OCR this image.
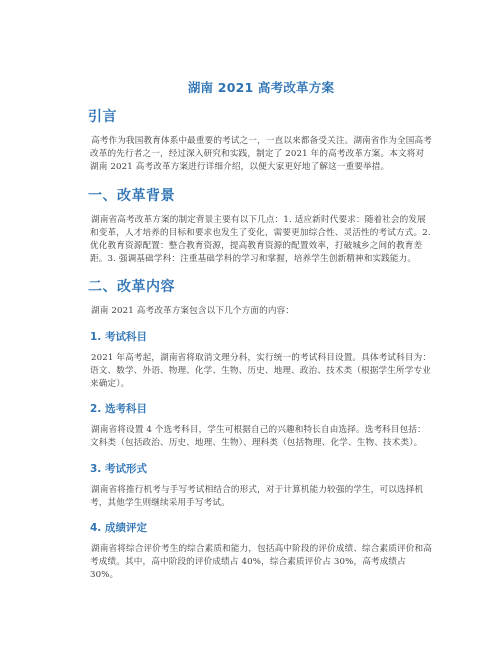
湖南 2021 高考改革方案
引言
高考作为我国教育体系中最重要的考试之一，一直以来都备受关注。湖南省作为全国高考改革的先行者之一，经过深入研究和实践，制定了 2021 年的高考改革方案。本文将对湖南 2021 高考改革方案进行详细介绍，以便大家更好地了解这一重要举措。
一、改革背景
湖南省高考改革方案的制定背景主要有以下几点：1. 适应新时代要求：随着社会的发展和变革，人才培养的目标和要求也发生了变化，需要更加综合性、灵活性的考试方式。2. 优化教育资源配置：整合教育资源，提高教育资源的配置效率，打破城乡之间的教育差距。3. 强调基础学科：注重基础学科的学习和掌握，培养学生创新精神和实践能力。
二、改革内容
湖南 2021 高考改革方案包含以下几个方面的内容：
1. 考试科目
2021 年高考起，湖南省将取消文理分科，实行统一的考试科目设置。具体考试科目为：语文、数学、外语、物理、化学、生物、历史、地理、政治、技术类（根据学生所学专业来确定）。
2. 选考科目
湖南省将设置 4 个选考科目，学生可根据自己的兴趣和特长自由选择。选考科目包括：文科类（包括政治、历史、地理、生物）、理科类（包括物理、化学、生物、技术类）。
3. 考试形式
湖南省将推行机考与手写考试相结合的形式，对于计算机能力较强的学生，可以选择机考，其他学生则继续采用手写考试。
4. 成绩评定
湖南省将综合评价考生的综合素质和能力，包括高中阶段的评价成绩、综合素质评价和高考成绩。其中，高中阶段的评价成绩占 40%，综合素质评价占 30%，高考成绩占 30%。
